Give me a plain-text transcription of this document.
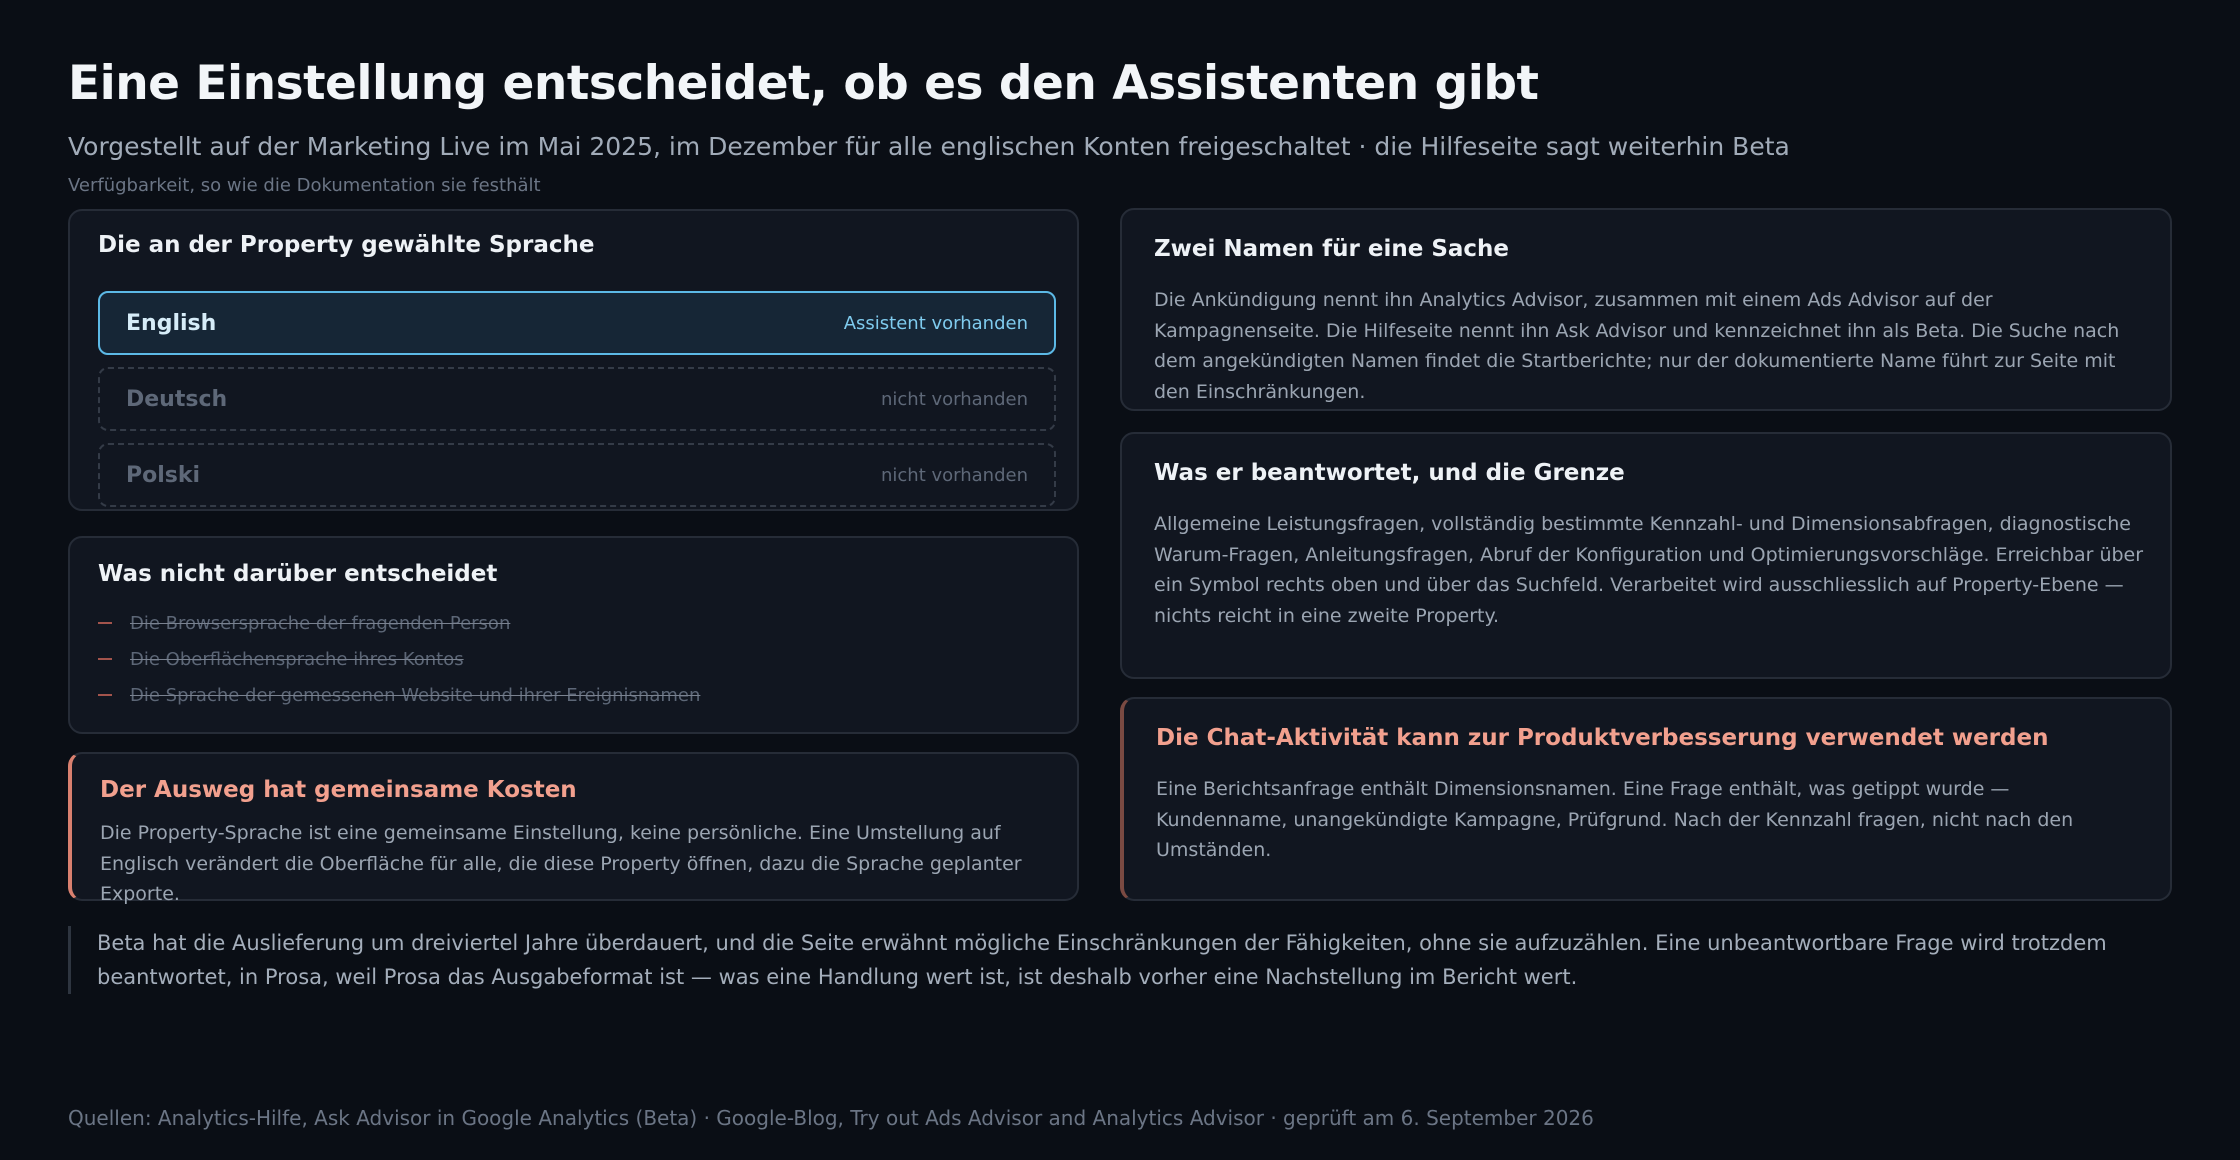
Eine Einstellung entscheidet, ob es den Assistenten gibt
Vorgestellt auf der Marketing Live im Mai 2025, im Dezember für alle englischen Konten freigeschaltet · die Hilfeseite sagt weiterhin Beta
Verfügbarkeit, so wie die Dokumentation sie festhält
Die an der Property gewählte Sprache
English	Assistent vorhanden
Deutsch	nicht vorhanden
Polski	nicht vorhanden
Was nicht darüber entscheidet
Die Browsersprache der fragenden Person
Die Oberflächensprache ihres Kontos
Die Sprache der gemessenen Website und ihrer Ereignisnamen
Der Ausweg hat gemeinsame Kosten
Die Property-Sprache ist eine gemeinsame Einstellung, keine persönliche. Eine Umstellung auf Englisch verändert die Oberfläche für alle, die diese Property öffnen, dazu die Sprache geplanter Exporte.
Zwei Namen für eine Sache
Die Ankündigung nennt ihn Analytics Advisor, zusammen mit einem Ads Advisor auf der Kampagnenseite. Die Hilfeseite nennt ihn Ask Advisor und kennzeichnet ihn als Beta. Die Suche nach dem angekündigten Namen findet die Startberichte; nur der dokumentierte Name führt zur Seite mit den Einschränkungen.
Was er beantwortet, und die Grenze
Allgemeine Leistungsfragen, vollständig bestimmte Kennzahl- und Dimensionsabfragen, diagnostische Warum-Fragen, Anleitungsfragen, Abruf der Konfiguration und Optimierungsvorschläge. Erreichbar über ein Symbol rechts oben und über das Suchfeld. Verarbeitet wird ausschliesslich auf Property-Ebene — nichts reicht in eine zweite Property.
Die Chat-Aktivität kann zur Produktverbesserung verwendet werden
Eine Berichtsanfrage enthält Dimensionsnamen. Eine Frage enthält, was getippt wurde — Kundenname, unangekündigte Kampagne, Prüfgrund. Nach der Kennzahl fragen, nicht nach den Umständen.
Beta hat die Auslieferung um dreiviertel Jahre überdauert, und die Seite erwähnt mögliche Einschränkungen der Fähigkeiten, ohne sie aufzuzählen. Eine unbeantwortbare Frage wird trotzdem beantwortet, in Prosa, weil Prosa das Ausgabeformat ist — was eine Handlung wert ist, ist deshalb vorher eine Nachstellung im Bericht wert.
Quellen: Analytics-Hilfe, Ask Advisor in Google Analytics (Beta) · Google-Blog, Try out Ads Advisor and Analytics Advisor · geprüft am 6. September 2026
